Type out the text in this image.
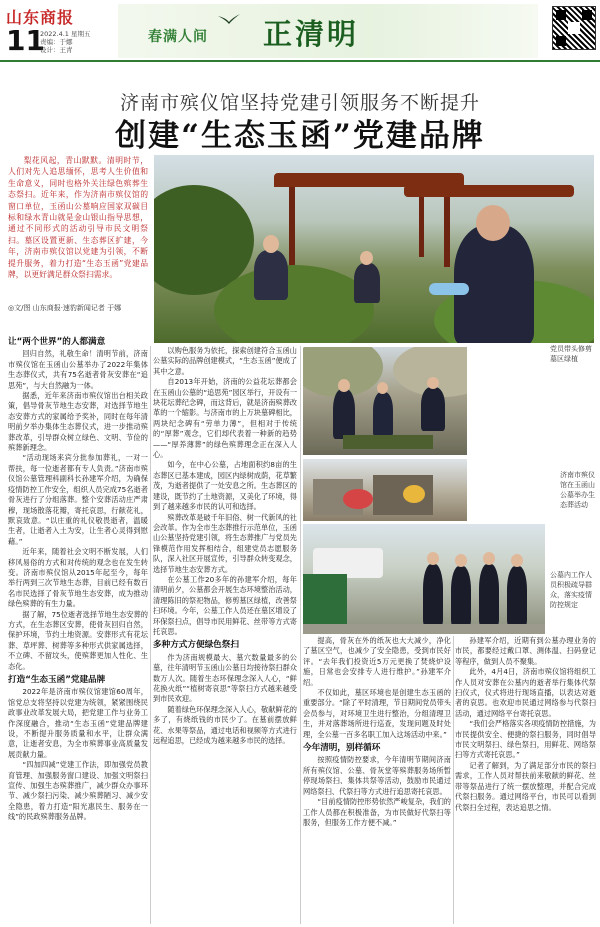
山东商报
11
2022.4.1 星期五
责编：于娜
设计：王青
春满人间 正清明
济南市殡仪馆坚持党建引领服务不断提升
创建“生态玉函”党建品牌
梨花风起，青山默默。清明时节，人们对先人追思缅怀，思考人生价值和生命意义，同时也格外关注绿色殡葬生态祭扫。近年来，作为济南市殡仪馆的窗口单位，玉函山公墓响应国家双碳目标和绿水青山就是金山银山指导思想，通过不同形式的活动引导市民文明祭扫。墓区设置更新、生态葬区扩建，今年，济南市殡仪馆以党建为引领，不断提升服务，着力打造“生态玉函”党建品牌，以更好满足群众祭扫需求。
◎文/图 山东商报·速豹新闻记者 于娜
党员带头修剪墓区绿植
济南市殡仪馆在玉函山公墓举办生态葬活动
公墓内工作人员积极疏导群众，落实疫情防控规定
让“两个世界”的人都满意

回归自然，礼敬生命！清明节前，济南市殡仪馆在玉函山公墓举办了2022年集体生态葬仪式，共有75名逝者骨灰安葬在“追思苑”，与大自然融为一体。

据悉，近年来济南市殡仪馆出台相关政策，倡导骨灰节地生态安葬，对选择节地生态安葬方式的家属给予奖补，同时在每年清明前夕举办集体生态葬仪式，进一步推动殡葬改革，引导群众树立绿色、文明、节俭的殡葬新理念。

“活动现场来宾分批参加葬礼，一对一帮扶，每一位逝者都有专人负责。”济南市殡仪馆公墓管理科副科长孙建军介绍，为确保疫情防控工作安全，组织人员完成75名逝者骨灰进行了分组落葬。整个安葬活动庄严肃穆，现场散落花瓣，寄托哀思，行献花礼，默哀致意。“以庄重的礼仪敬畏逝者，温暖生者，让逝者入土为安，让生者心灵得到慰藉。”

近年来，随着社会文明不断发展，人们移风易俗的方式和对传统的观念也在发生转变。济南市殡仪馆从2015年起至今，每年举行两到三次节地生态葬，目前已经有数百名市民选择了骨灰节地生态安葬，成为推动绿色殡葬的有生力量。

据了解，75位逝者选择节地生态安葬的方式，在生态葬区安葬，使骨灰回归自然，保护环境，节约土地资源。安葬形式有花坛葬、草坪葬、树葬等多种形式供家属选择，不立碑、不留坟头，使殡葬更加人性化、生态化。

打造“生态玉函”党建品牌

2022年是济南市殡仪馆建馆60周年，馆党总支将坚持以党建为统领，紧紧围绕民政事业改革发展大局，把党建工作与业务工作深度融合，推动“生态玉函”党建品牌建设，不断提升服务质量和水平，让群众满意，让逝者安息，为全市殡葬事业高质量发展贡献力量。

“四加四减”党建工作法，即加强党员教育管理、加强服务窗口建设、加强文明祭扫宣传、加强生态殡葬推广，减少群众办事环节、减少祭扫污染、减少殡葬陋习、减少安全隐患，着力打造“阳光惠民生、服务在一线”的民政殡葬服务品牌。

以购色服务为依托，探索创建符合玉函山公墓实际的品牌创建模式，“生态玉函”便成了其中之意。

自2013年开始，济南的公益花坛葬都会在玉函山公墓的“追思苑”园区举行，开设有一块花坛葬纪念碑，而这背后，就是济南殡葬改革的一个缩影。与济南市的上万块墓碑相比，两块纪念碑有“劳单力薄”，但相对于传统的“厚葬”观念，它们却代表着一种新的趋势——“厚养薄葬”的绿色殡葬理念正在深入人心。

如今，在中心公墓，占地面积约8亩的生态葬区已基本建成，园区内绿树成荫，花草繁茂，为逝者提供了一处安息之所。生态葬区的建设，既节约了土地资源，又美化了环境，得到了越来越多市民的认可和选择。

殡葬改革是破千年旧俗、树一代新风的社会改革。作为全市生态葬推行示范单位，玉函山公墓坚持党建引领，将生态葬推广与党员先锋模范作用发挥相结合，组建党员志愿服务队，深入社区开展宣传，引导群众转变观念，选择节地生态安葬方式。

在公墓工作20多年的孙建军介绍，每年清明前夕，公墓都会开展生态环境整治活动，清理陈旧的祭祀物品，修剪墓区绿植，改善祭扫环境。今年，公墓工作人员还在墓区增设了环保祭扫点，倡导市民用鲜花、丝带等方式寄托哀思。

多种方式方便绿色祭扫

作为济南规模最大、墓穴数量最多的公墓，往年清明节玉函山公墓日均接待祭扫群众数万人次。随着生态环保理念深入人心，“鲜花换火纸”“植树寄哀思”等祭扫方式越来越受到市民欢迎。

随着绿色环保理念深入人心，敬献鲜花的多了，有烧纸钱的市民少了。在墓前摆放鲜花、水果等祭品，通过电话和视频等方式进行远程追思，已经成为越来越多市民的选择。

提高，骨灰在外的纸灰也大大减少，净化了墓区空气，也减少了安全隐患，受到市民好评。“去年我们投资近5万元更换了焚烧炉设施，日常也会安排专人进行维护。”孙建军介绍。

不仅如此，墓区环境也是创建生态玉函的重要部分。“除了平时清理，节日期间党员带头会员参与，对环境卫生进行整治，分组清理卫生，并对落葬场所进行巡查，发现问题及时处理，全公墓一百多名职工加入这场活动中来。”

今年清明，别样循环

按照疫情防控要求，今年清明节期间济南所有殡仪馆、公墓、骨灰堂等殡葬服务场所暂停现场祭扫、集体共祭等活动，鼓励市民通过网络祭扫、代祭扫等方式进行追思寄托哀思。

“目前疫情防控形势依然严峻复杂，我们的工作人员都在积极准备，为市民做好代祭扫等服务，但服务工作方便不减。”

孙建军介绍，近期有到公墓办理业务的市民，都要经过戴口罩、测体温、扫码登记等程序，做到人员不聚集。

此外，4月4日，济南市殡仪馆将组织工作人员对安葬在公墓内的逝者举行集体代祭扫仪式，仪式将进行现场直播，以表达对逝者的哀思。也欢迎市民通过网络参与代祭扫活动，通过网络平台寄托哀思。

“我们会严格落实各项疫情防控措施，为市民提供安全、便捷的祭扫服务，同时倡导市民文明祭扫、绿色祭扫，用鲜花、网络祭扫等方式寄托哀思。”

记者了解到，为了满足部分市民的祭扫需求，工作人员对帮扶前来敬献的鲜花、丝带等祭品进行了统一摆放整理，并配合完成代祭扫服务。通过网络平台，市民可以看到代祭扫全过程，表达追思之情。
